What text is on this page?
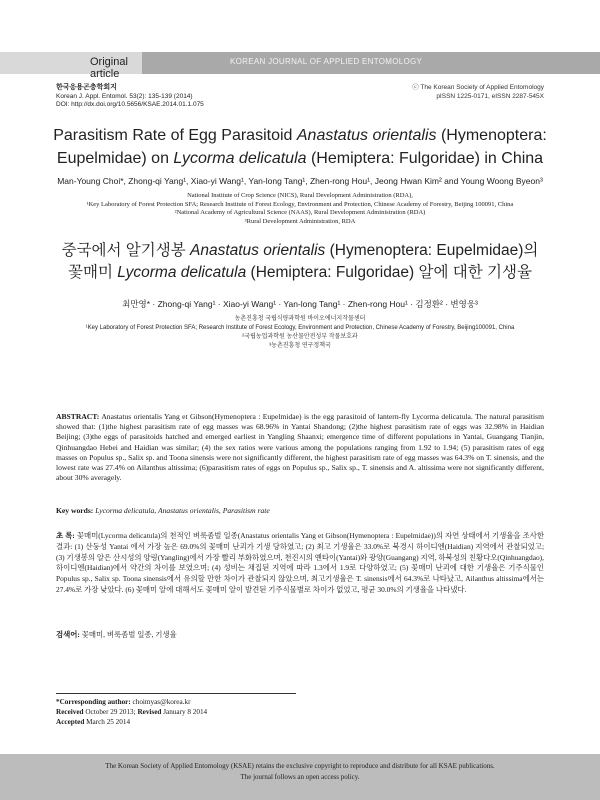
Original article
KOREAN JOURNAL OF APPLIED ENTOMOLOGY
한국응용곤충학회지
Korean J. Appl. Entomol. 53(2): 135-139 (2014)
DOI: http://dx.doi.org/10.5656/KSAE.2014.01.1.075
ⓒ The Korean Society of Applied Entomology
pISSN 1225-0171, eISSN 2287-545X
Parasitism Rate of Egg Parasitoid Anastatus orientalis (Hymenoptera:
Eupelmidae) on Lycorma delicatula (Hemiptera: Fulgoridae) in China
Man-Young Choi*, Zhong-qi Yang¹, Xiao-yi Wang¹, Yan-long Tang¹, Zhen-rong Hou¹, Jeong Hwan Kim² and Young Woong Byeon³
National Institute of Crop Science (NICS), Rural Development Administration (RDA),
¹Key Laboratory of Forest Protection SFA; Research Institute of Forest Ecology, Environment and Protection, Chinese Academy of Forestry, Beijing 100091, China
²National Academy of Agricultural Science (NAAS), Rural Development Administration (RDA)
³Rural Development Administration, RDA
중국에서 알기생봉 Anastatus orientalis (Hymenoptera: Eupelmidae)의
꽃매미 Lycorma delicatula (Hemiptera: Fulgoridae) 알에 대한 기생율
최만영* · Zhong-qi Yang¹ · Xiao-yi Wang¹ · Yan-long Tang¹ · Zhen-rong Hou¹ · 김정환² · 변영웅³
농촌진흥청 국립식량과학원 바이오에너지작물센터
¹Key Laboratory of Forest Protection SFA; Research Institute of Forest Ecology, Environment and Protection, Chinese Academy of Forestry, Beijing100091, China
²국립농업과학원 농산물안전성부 작물보호과
³농촌진흥청 연구정책국
ABSTRACT: Anastatus orientalis Yang et Gibson(Hymenoptera : Eupelmidae) is the egg parasitoid of lantern-fly Lycorma delicatula. The natural parasitism showed that: (1)the highest parasitism rate of egg masses was 68.96% in Yantai Shandong; (2)the highest parasitism rate of eggs was 32.98% in Haidian Beijing; (3)the eggs of parasitoids hatched and emerged earliest in Yangling Shaanxi; emergence time of different populations in Yantai, Guangang Tianjin, Qinhuangdao Hebei and Haidian was similar; (4) the sex ratios were various among the populations ranging from 1.92 to 1.94; (5) parasitism rates of egg masses on Populus sp., Salix sp. and Toona sinensis were not significantly different, the highest parasitism rate of egg masses was 64.3% on T. sinensis, and the lowest rate was 27.4% on Ailanthus altissima; (6)parasitism rates of eggs on Populus sp., Salix sp., T. sinensis and A. altissima were not significantly different, about 30% averagely.
Key words: Lycorma delicatula, Anastatus orientalis, Parasitism rate
초 록: 꽃매미(Lycorma delicatula)의 천적인 벼룩좀벌 일종(Anastatus orientalis Yang et Gibson(Hymenoptera : Eupelmidae))의 자연 상태에서 기생율을 조사한 결과: (1) 산둥성 Yantai 에서 가장 높은 69.0%의 꽃매미 난괴가 기생 당하였고; (2) 최고 기생율은 33.0%로 북경시 하이디엔(Haidian) 지역에서 관찰되었고; (3) 기생봉의 알은 산시성의 양링(Yangling)에서 가장 빨리 부화하였으며, 천진시의 옌타이(Yantai)와 광양(Guangang) 지역, 하북성의 친황다오(Qinhuangdao), 하이디엔(Haidian)에서 약간의 차이를 보였으며; (4) 성비는 채집된 지역에 따라 1.3에서 1.9로 다양하였고; (5) 꽃매미 난괴에 대한 기생율은 기주식물인 Populus sp., Salix sp. Toona sinensis에서 유의할 만한 차이가 관찰되지 않았으며, 최고기생율은 T. sinensis에서 64.3%로 나타났고, Ailanthus altissima에서는 27.4%로 가장 낮았다. (6) 꽃매미 알에 대해서도 꽃매미 알이 발견된 기주식물별로 차이가 없었고, 평균 30.0%의 기생율을 나타냈다.
검색어: 꽃매미, 벼룩좀벌 일종, 기생율
*Corresponding author: choimyas@korea.kr
Received October 29 2013; Revised January 8 2014
Accepted March 25 2014

The Korean Society of Applied Entomology (KSAE) retains the exclusive copyright to reproduce and distribute for all KSAE publications.
The journal follows an open access policy.
